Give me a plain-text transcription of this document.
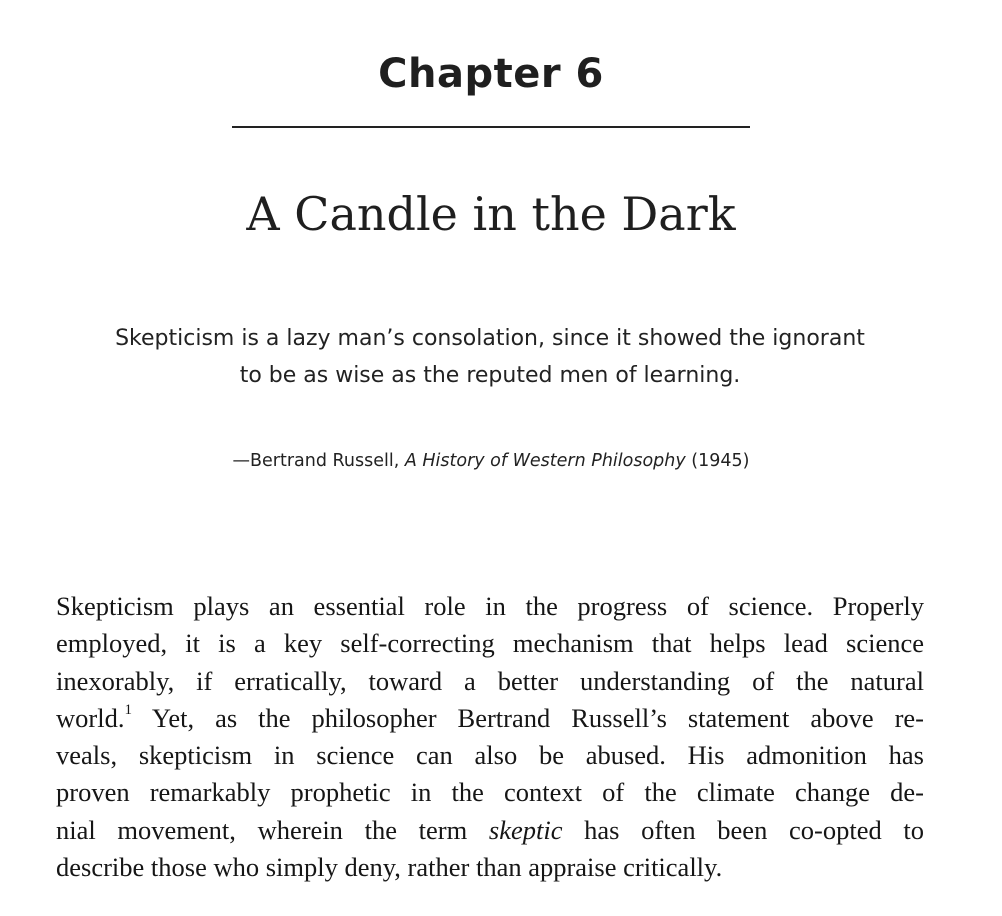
Chapter 6
A Candle in the Dark
Skepticism is a lazy man’s consolation, since it showed the ignorant to be as wise as the reputed men of learning.
—Bertrand Russell, A History of Western Philosophy (1945)
Skepticism plays an essential role in the progress of science. Properly
employed, it is a key self-correcting mechanism that helps lead science
inexorably, if erratically, toward a better understanding of the natural
world.$^1$ Yet, as the philosopher Bertrand Russell’s statement above re-
veals, skepticism in science can also be abused. His admonition has
proven remarkably prophetic in the context of the climate change de-
nial movement, wherein the term skeptic has often been co-opted to
describe those who simply deny, rather than appraise critically.
